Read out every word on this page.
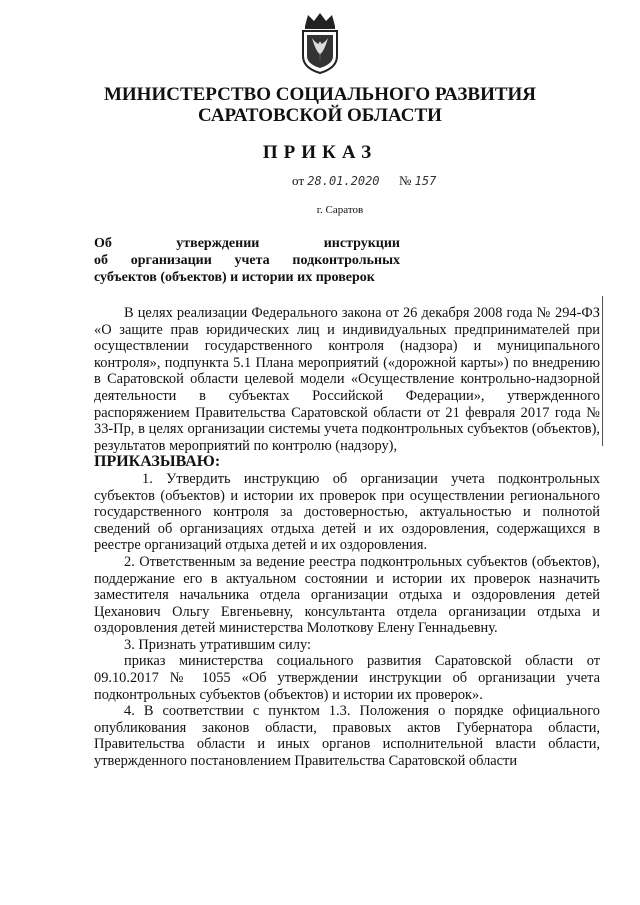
МИНИСТЕРСТВО СОЦИАЛЬНОГО РАЗВИТИЯ
САРАТОВСКОЙ ОБЛАСТИ
ПРИКАЗ
от 28.01.2020 № 157
г. Саратов
Об утверждении инструкции
об организации учета подконтрольных
субъектов (объектов) и истории их проверок

В целях реализации Федерального закона от 26 декабря 2008 года № 294-ФЗ «О защите прав юридических лиц и индивидуальных предпринимателей при осуществлении государственного контроля (надзора) и муниципального контроля», подпункта 5.1 Плана мероприятий («дорожной карты») по внедрению в Саратовской области целевой модели «Осуществление контрольно-надзорной деятельности в субъектах Российской Федерации», утвержденного распоряжением Правительства Саратовской области от 21 февраля 2017 года № 33-Пр, в целях организации системы учета подконтрольных субъектов (объектов), результатов мероприятий по контролю (надзору),

ПРИКАЗЫВАЮ:

1. Утвердить инструкцию об организации учета подконтрольных субъектов (объектов) и истории их проверок при осуществлении регионального государственного контроля за достоверностью, актуальностью и полнотой сведений об организациях отдыха детей и их оздоровления, содержащихся в реестре организаций отдыха детей и их оздоровления.

2. Ответственным за ведение реестра подконтрольных субъектов (объектов), поддержание его в актуальном состоянии и истории их проверок назначить заместителя начальника отдела организации отдыха и оздоровления детей Цеханович Ольгу Евгеньевну, консультанта отдела организации отдыха и оздоровления детей министерства Молоткову Елену Геннадьевну.

3. Признать утратившим силу:

приказ министерства социального развития Саратовской области от 09.10.2017 № 1055 «Об утверждении инструкции об организации учета подконтрольных субъектов (объектов) и истории их проверок».

4. В соответствии с пунктом 1.3. Положения о порядке официального опубликования законов области, правовых актов Губернатора области, Правительства области и иных органов исполнительной власти области, утвержденного постановлением Правительства Саратовской области
